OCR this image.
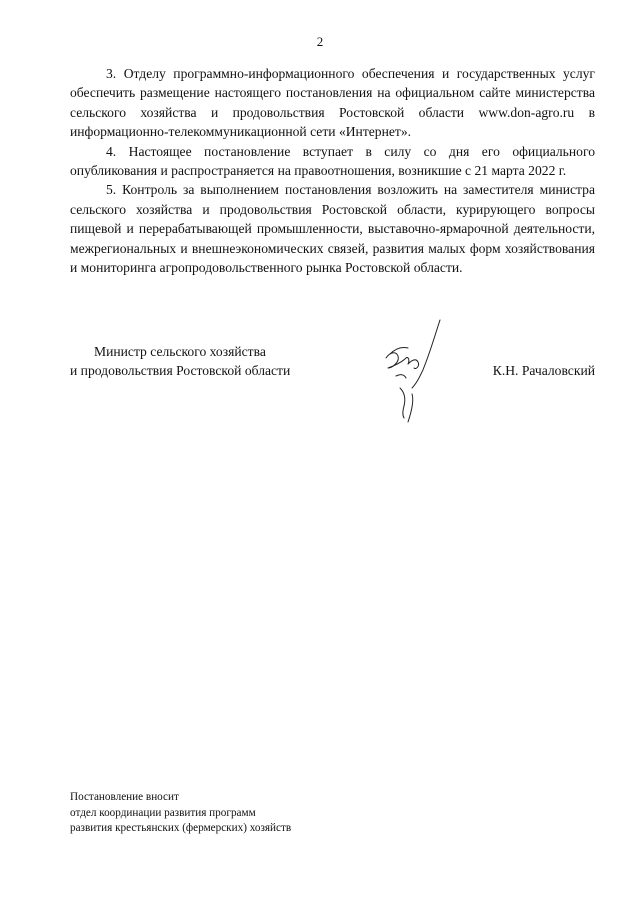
2

3. Отделу программно-информационного обеспечения и государственных услуг обеспечить размещение настоящего постановления на официальном сайте министерства сельского хозяйства и продовольствия Ростовской области www.don-agro.ru в информационно-телекоммуникационной сети «Интернет».

4. Настоящее постановление вступает в силу со дня его официального опубликования и распространяется на правоотношения, возникшие с 21 марта 2022 г.

5. Контроль за выполнением постановления возложить на заместителя министра сельского хозяйства и продовольствия Ростовской области, курирующего вопросы пищевой и перерабатывающей промышленности, выставочно-ярмарочной деятельности, межрегиональных и внешнеэкономических связей, развития малых форм хозяйствования и мониторинга агропродовольственного рынка Ростовской области.

Министр сельского хозяйства
и продовольствия Ростовской области	К.Н. Рачаловский
Постановление вносит
отдел координации развития программ
развития крестьянских (фермерских) хозяйств
